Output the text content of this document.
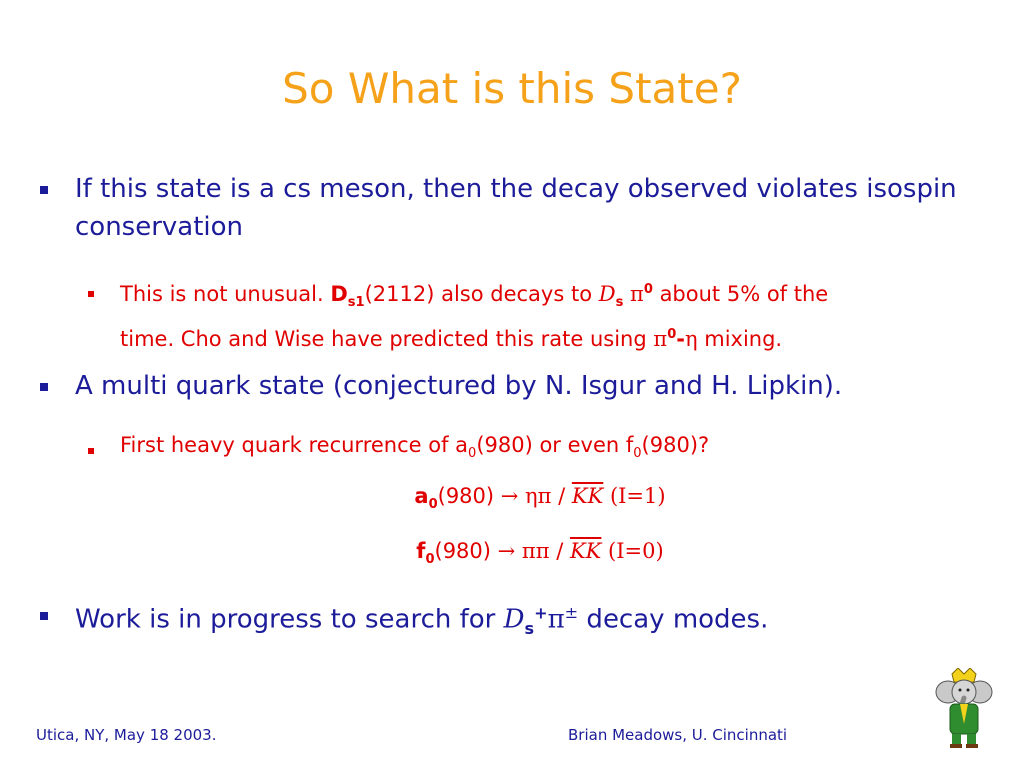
So What is this State?
If this state is a cs meson, then the decay observed violates isospin conservation
This is not unusual. $D_{s1}(2112)$ also decays to $D_s$ $\pi^0$ about 5% of the
time. Cho and Wise have predicted this rate using $\pi^0-\eta$ mixing.
A multi quark state (conjectured by N. Isgur and H. Lipkin).
First heavy quark recurrence of $a_0(980)$ or even $f_0(980)$?
$a_0(980) \to \eta\pi / \overline{KK}$ (I=1)
$f_0(980) \to \pi\pi / \overline{KK}$ (I=0)
Work is in progress to search for $D_s^+\pi^\pm$ decay modes.
Utica, NY, May 18 2003.	Brian Meadows, U. Cincinnati
